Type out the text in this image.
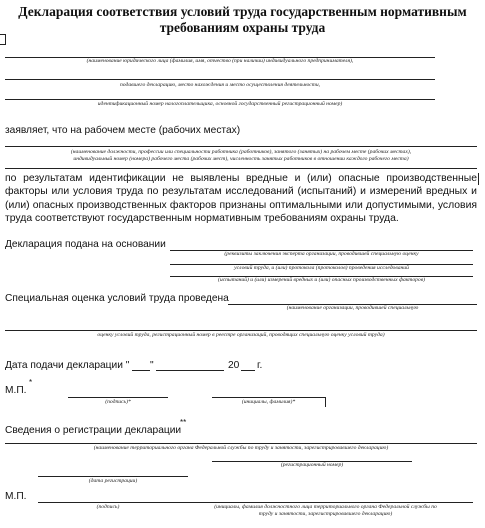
Декларация соответствия условий труда государственным нормативным
требованиям охраны труда
(наименование юридического лица (фамилия, имя, отчество (при наличии) индивидуального предпринимателя),
подавшего декларацию, место нахождения и место осуществления деятельности,
идентификационный номер налогоплательщика, основной государственный регистрационный номер)
заявляет, что на рабочем месте (рабочих местах)
(наименование должности, профессии или специальности работника (работников), занятого (занятых) на рабочем месте (рабочих местах),
индивидуальный номер (номера) рабочего места (рабочих мест), численность занятых работников в отношении каждого рабочего места)
по результатам идентификации не выявлены вредные и (или) опасные производственные факторы или условия труда по результатам исследований (испытаний) и измерений вредных и (или) опасных производственных факторов признаны оптимальными или допустимыми, условия труда соответствуют государственным нормативным требованиям охраны труда.
Декларация подана на основании
(реквизиты заключения эксперта организации, проводившей специальную оценку
условий труда, и (или) протокола (протоколов) проведения исследований
(испытаний) и (или) измерений вредных и (или) опасных производственных факторов)
Специальная оценка условий труда проведена
(наименование организации, проводившей специальную
оценку условий труда, регистрационный номер в реестре организаций, проводящих специальную оценку условий труда)
Дата подачи декларации " "	20 г.
М.П.
*
(подпись)*	(инициалы, фамилия)*
Сведения о регистрации декларации
**
(наименование территориального органа Федеральной службы по труду и занятости, зарегистрировавшего декларацию)
(регистрационный номер)
(дата регистрации)
М.П.
(подпись)	(инициалы, фамилия должностного лица территориального органа Федеральной службы по
труду и занятости, зарегистрировавшего декларацию)
